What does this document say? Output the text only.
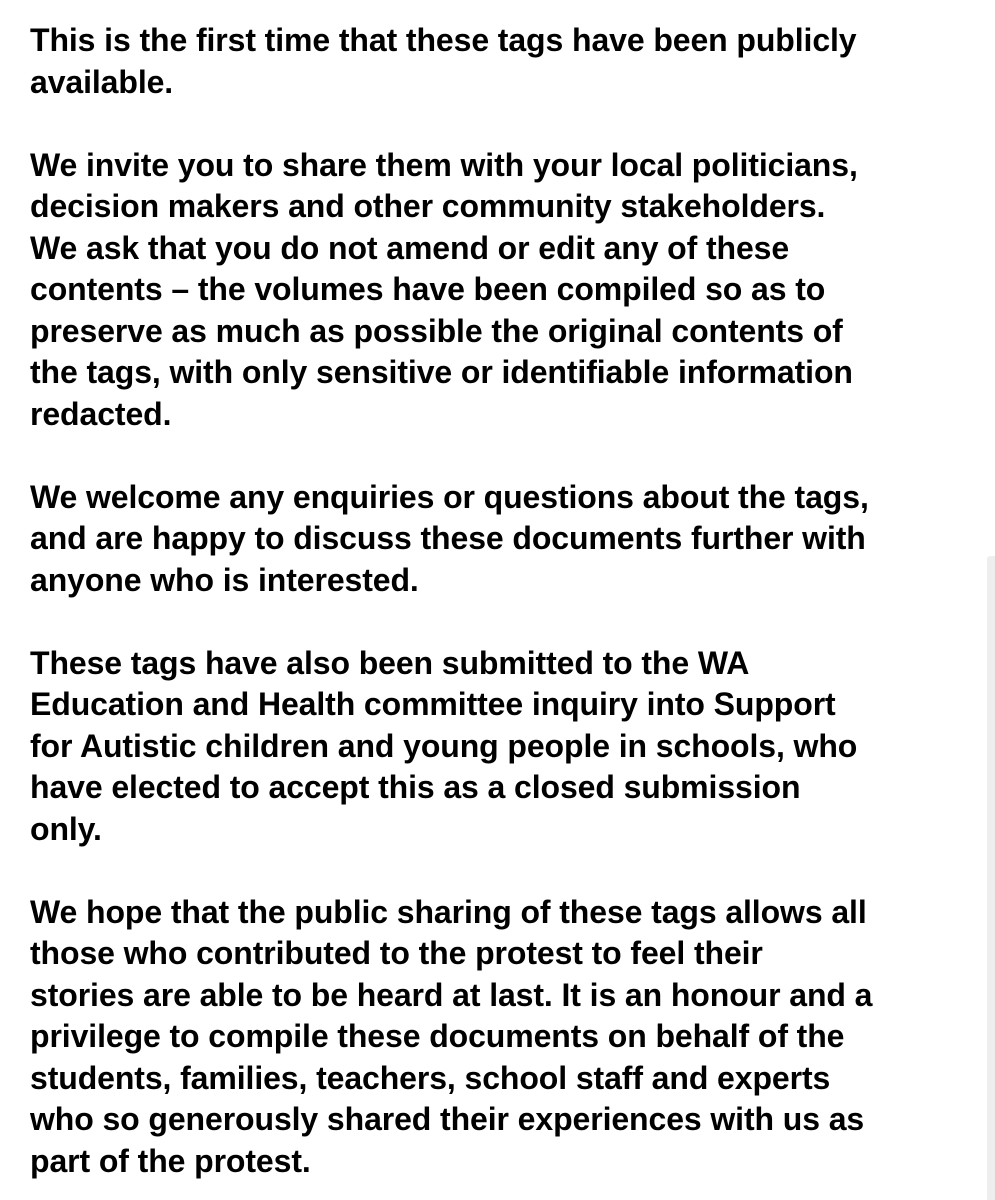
This is the first time that these tags have been publicly
available.

We invite you to share them with your local politicians,
decision makers and other community stakeholders.
We ask that you do not amend or edit any of these
contents – the volumes have been compiled so as to
preserve as much as possible the original contents of
the tags, with only sensitive or identifiable information
redacted.

We welcome any enquiries or questions about the tags,
and are happy to discuss these documents further with
anyone who is interested.

These tags have also been submitted to the WA
Education and Health committee inquiry into Support
for Autistic children and young people in schools, who
have elected to accept this as a closed submission
only.

We hope that the public sharing of these tags allows all
those who contributed to the protest to feel their
stories are able to be heard at last. It is an honour and a
privilege to compile these documents on behalf of the
students, families, teachers, school staff and experts
who so generously shared their experiences with us as
part of the protest.
